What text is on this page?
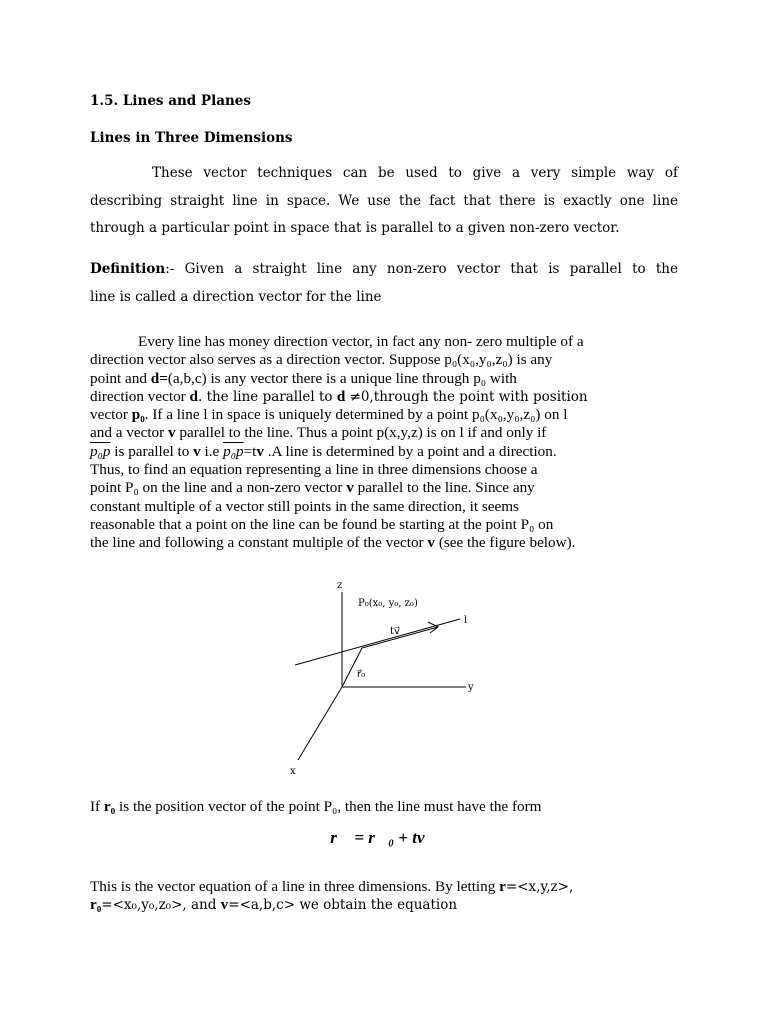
1.5. Lines and Planes
Lines in Three Dimensions
These vector techniques can be used to give a very simple way of
describing straight line in space. We use the fact that there is exactly one line
through a particular point in space that is parallel to a given non-zero vector.
Definition:- Given a straight line any non-zero vector that is parallel to the
line is called a direction vector for the line
Every line has money direction vector, in fact any non- zero multiple of a
direction vector also serves as a direction vector. Suppose p₀(x₀,y₀,z₀) is any
point and d=(a,b,c) is any vector there is a unique line through p₀ with
direction vector d. the line parallel to d ≠0,through the point with position
vector p₀. If a line l in space is uniquely determined by a point p₀(x₀,y₀,z₀) on l
and a vector v parallel to the line. Thus a point p(x,y,z) is on l if and only if
p₀p is parallel to v i.e p₀p=tv .A line is determined by a point and a direction.
Thus, to find an equation representing a line in three dimensions choose a
point P₀ on the line and a non-zero vector v parallel to the line. Since any
constant multiple of a vector still points in the same direction, it seems
reasonable that a point on the line can be found be starting at the point P₀ on
the line and following a constant multiple of the vector v (see the figure below).
z
y
x
l
P₀(x₀, y₀, z₀)
tv⃗
r⃗₀
If r₀ is the position vector of the point P₀, then the line must have the form
r⃗ = r⃗₀ + tv⃗
This is the vector equation of a line in three dimensions. By letting r=<x,y,z>,
r₀=<x₀,y₀,z₀>, and v=<a,b,c> we obtain the equation
